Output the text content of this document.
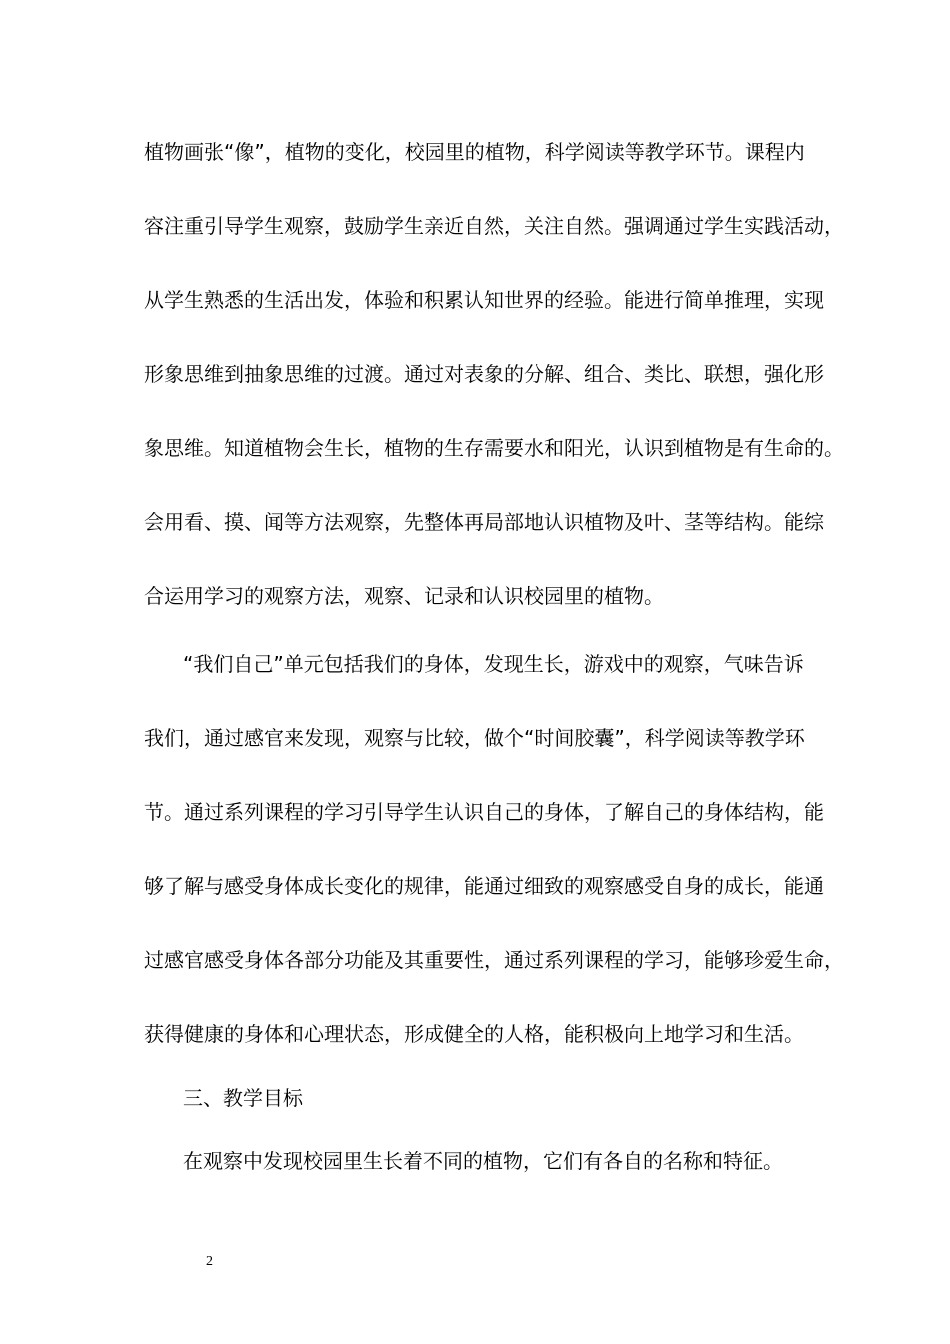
植物画张“像”，植物的变化，校园里的植物，科学阅读等教学环节。课程内
容注重引导学生观察，鼓励学生亲近自然，关注自然。强调通过学生实践活动，
从学生熟悉的生活出发，体验和积累认知世界的经验。能进行简单推理，实现
形象思维到抽象思维的过渡。通过对表象的分解、组合、类比、联想，强化形
象思维。知道植物会生长，植物的生存需要水和阳光，认识到植物是有生命的。
会用看、摸、闻等方法观察，先整体再局部地认识植物及叶、茎等结构。能综
合运用学习的观察方法，观察、记录和认识校园里的植物。
“我们自己”单元包括我们的身体，发现生长，游戏中的观察，气味告诉
我们，通过感官来发现，观察与比较，做个“时间胶囊”，科学阅读等教学环
节。通过系列课程的学习引导学生认识自己的身体，了解自己的身体结构，能
够了解与感受身体成长变化的规律，能通过细致的观察感受自身的成长，能通
过感官感受身体各部分功能及其重要性，通过系列课程的学习，能够珍爱生命，
获得健康的身体和心理状态，形成健全的人格，能积极向上地学习和生活。
三、教学目标
在观察中发现校园里生长着不同的植物，它们有各自的名称和特征。
2
